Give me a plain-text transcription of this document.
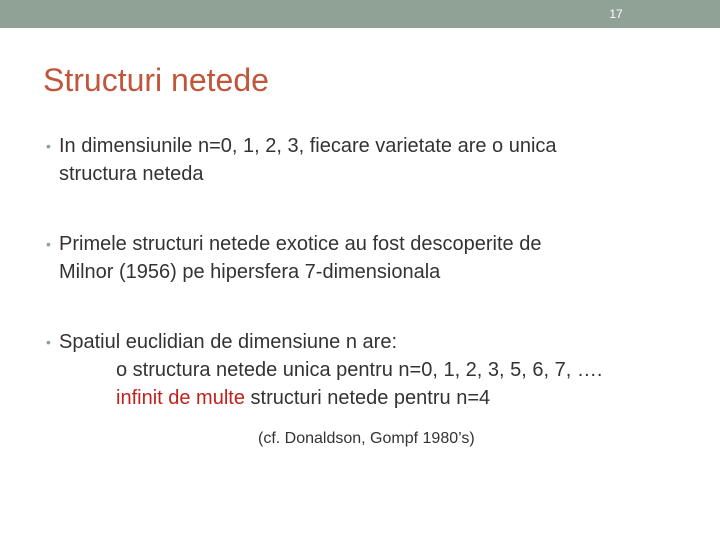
17
Structuri netede
• In dimensiunile n=0, 1, 2, 3, fiecare varietate are o unica
structura neteda
• Primele structuri netede exotice au fost descoperite de
Milnor (1956) pe hipersfera 7-dimensionala
• Spatiul euclidian de dimensiune n are:
o structura netede unica pentru n=0, 1, 2, 3, 5, 6, 7, ….
infinit de multe structuri netede pentru n=4
(cf. Donaldson, Gompf 1980’s)
